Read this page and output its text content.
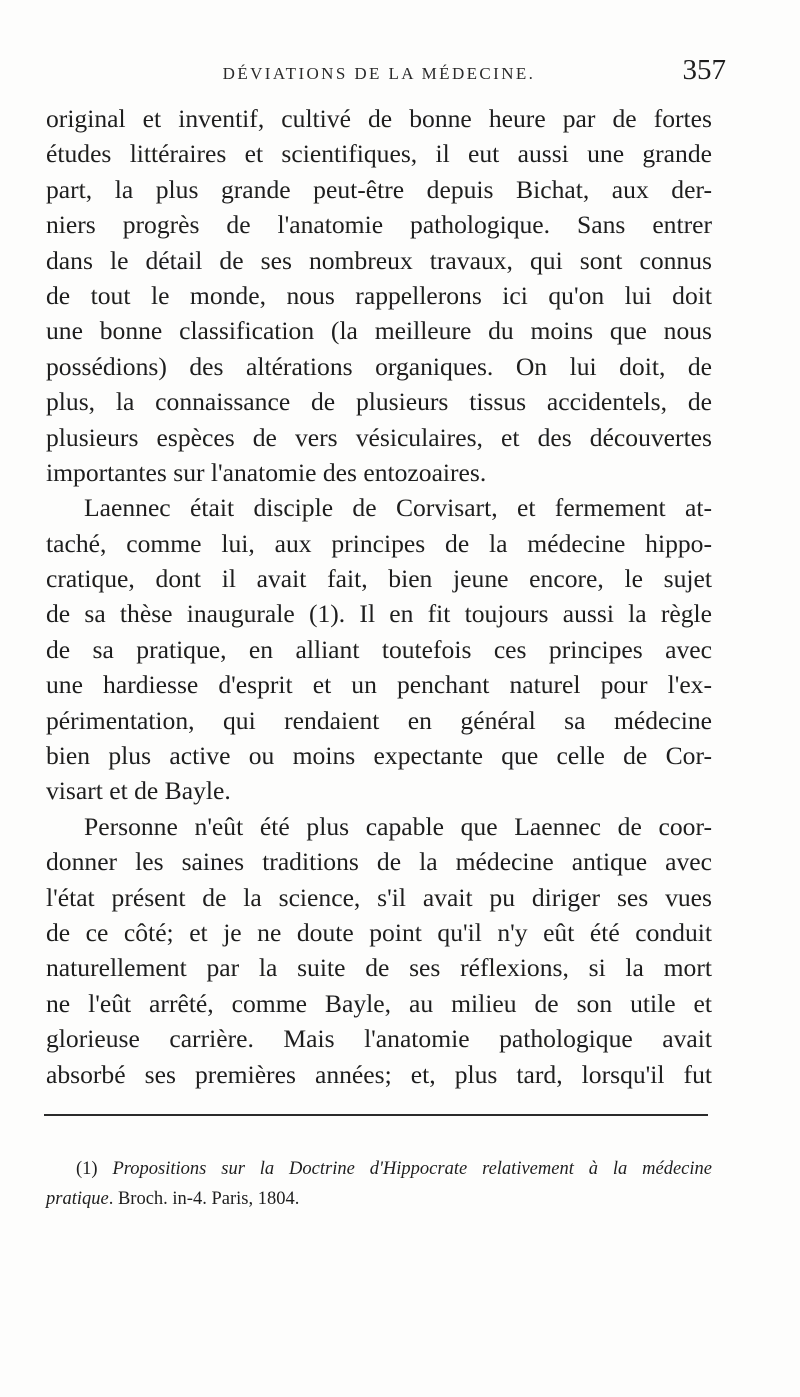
DÉVIATIONS DE LA MÉDECINE.	357
original et inventif, cultivé de bonne heure par de fortes
études littéraires et scientifiques, il eut aussi une grande
part, la plus grande peut-être depuis Bichat, aux der-
niers progrès de l'anatomie pathologique. Sans entrer
dans le détail de ses nombreux travaux, qui sont connus
de tout le monde, nous rappellerons ici qu'on lui doit
une bonne classification (la meilleure du moins que nous
possédions) des altérations organiques. On lui doit, de
plus, la connaissance de plusieurs tissus accidentels, de
plusieurs espèces de vers vésiculaires, et des découvertes
importantes sur l'anatomie des entozoaires.
Laennec était disciple de Corvisart, et fermement at-
taché, comme lui, aux principes de la médecine hippo-
cratique, dont il avait fait, bien jeune encore, le sujet
de sa thèse inaugurale (1). Il en fit toujours aussi la règle
de sa pratique, en alliant toutefois ces principes avec
une hardiesse d'esprit et un penchant naturel pour l'ex-
périmentation, qui rendaient en général sa médecine
bien plus active ou moins expectante que celle de Cor-
visart et de Bayle.
Personne n'eût été plus capable que Laennec de coor-
donner les saines traditions de la médecine antique avec
l'état présent de la science, s'il avait pu diriger ses vues
de ce côté; et je ne doute point qu'il n'y eût été conduit
naturellement par la suite de ses réflexions, si la mort
ne l'eût arrêté, comme Bayle, au milieu de son utile et
glorieuse carrière. Mais l'anatomie pathologique avait
absorbé ses premières années; et, plus tard, lorsqu'il fut
(1) Propositions sur la Doctrine d'Hippocrate relativement à la médecine
pratique. Broch. in-4. Paris, 1804.
